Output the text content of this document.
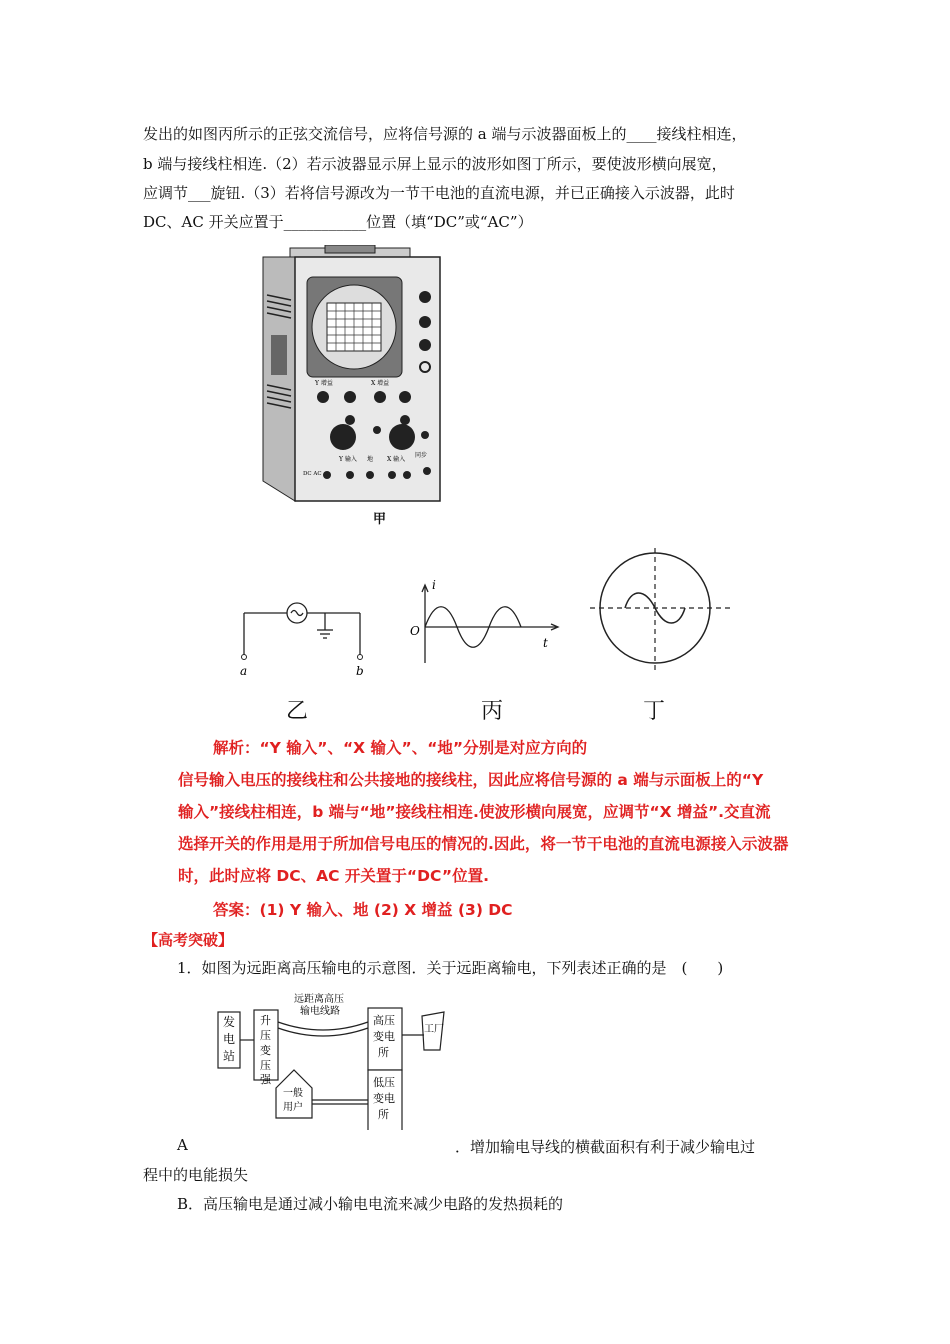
发出的如图丙所示的正弦交流信号，应将信号源的 a 端与示波器面板上的____接线柱相连，
b 端与接线柱相连.（2）若示波器显示屏上显示的波形如图丁所示，要使波形横向展宽，
应调节___旋钮.（3）若将信号源改为一节干电池的直流电源，并已正确接入示波器，此时
DC、AC 开关应置于___________位置（填“DC”或“AC”）
Y 增益	X 增益
DC AC
Y 输入 地 X 输入
同步
甲
a	b
i
O
t
乙	丙	丁
解析：“Y 输入”、“X 输入”、“地”分别是对应方向的
信号输入电压的接线柱和公共接地的接线柱，因此应将信号源的 a 端与示面板上的“Y
输入”接线柱相连，b 端与“地”接线柱相连.使波形横向展宽，应调节“X 增益”.交直流
选择开关的作用是用于所加信号电压的情况的.因此，将一节干电池的直流电源接入示波器
时，此时应将 DC、AC 开关置于“DC”位置.
答案：(1) Y 输入、地 (2) X 增益 (3) DC
【高考突破】
1．如图为远距离高压输电的示意图．关于远距离输电，下列表述正确的是　(　　)
发
电
站
升
压
变
压
强
远距离高压
输电线路
高压
变电
所
工厂
低压
变电
所
一般
用户
A	．增加输电导线的横截面积有利于减少输电过
程中的电能损失
B．高压输电是通过减小输电电流来减少电路的发热损耗的
